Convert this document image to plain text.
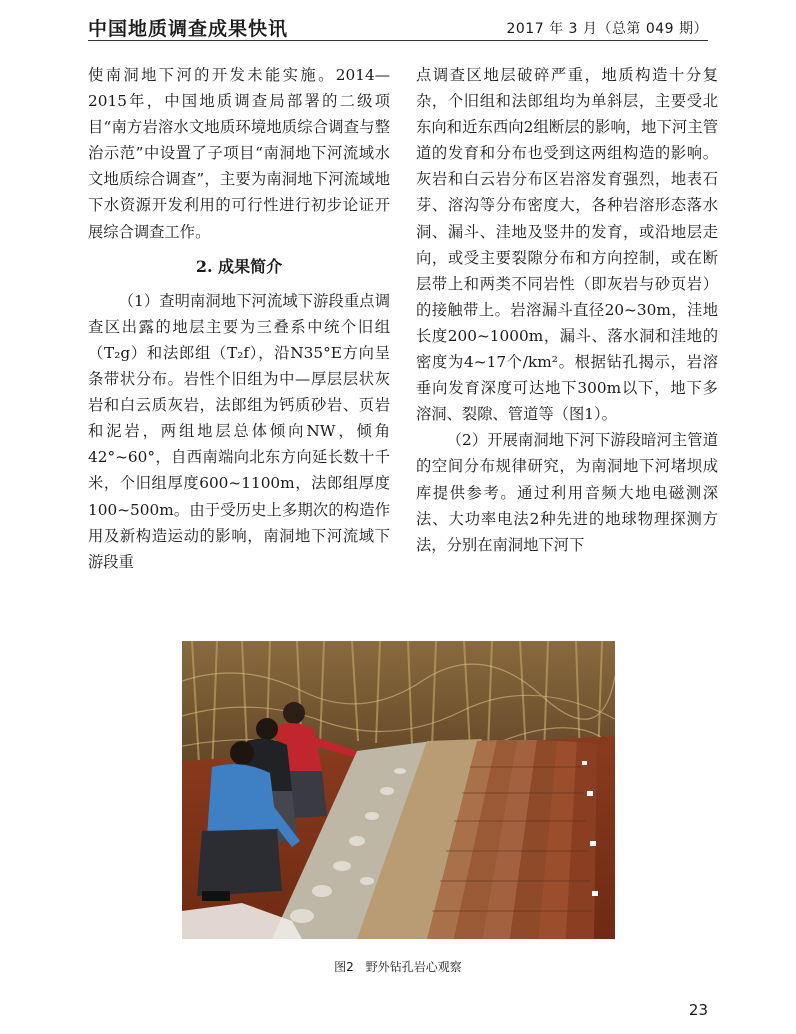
中国地质调查成果快讯	2017 年 3 月（总第 049 期）

使南洞地下河的开发未能实施。2014—2015年，中国地质调查局部署的二级项目“南方岩溶水文地质环境地质综合调查与整治示范”中设置了子项目“南洞地下河流域水文地质综合调查”，主要为南洞地下河流域地下水资源开发利用的可行性进行初步论证开展综合调查工作。

2. 成果简介

（1）查明南洞地下河流域下游段重点调查区出露的地层主要为三叠系中统个旧组（T₂g）和法郎组（T₂f），沿N35°E方向呈条带状分布。岩性个旧组为中—厚层层状灰岩和白云质灰岩，法郎组为钙质砂岩、页岩和泥岩，两组地层总体倾向NW，倾角42°~60°，自西南端向北东方向延长数十千米，个旧组厚度600~1100m，法郎组厚度100~500m。由于受历史上多期次的构造作用及新构造运动的影响，南洞地下河流域下游段重

点调查区地层破碎严重，地质构造十分复杂，个旧组和法郎组均为单斜层，主要受北东向和近东西向2组断层的影响，地下河主管道的发育和分布也受到这两组构造的影响。灰岩和白云岩分布区岩溶发育强烈，地表石芽、溶沟等分布密度大，各种岩溶形态落水洞、漏斗、洼地及竖井的发育，或沿地层走向，或受主要裂隙分布和方向控制，或在断层带上和两类不同岩性（即灰岩与砂页岩）的接触带上。岩溶漏斗直径20~30m，洼地长度200~1000m，漏斗、落水洞和洼地的密度为4~17个/km²。根据钻孔揭示，岩溶垂向发育深度可达地下300m以下，地下多溶洞、裂隙、管道等（图1）。

（2）开展南洞地下河下游段暗河主管道的空间分布规律研究，为南洞地下河堵坝成库提供参考。通过利用音频大地电磁测深法、大功率电法2种先进的地球物理探测方法，分别在南洞地下河下

图2　野外钻孔岩心观察
23
